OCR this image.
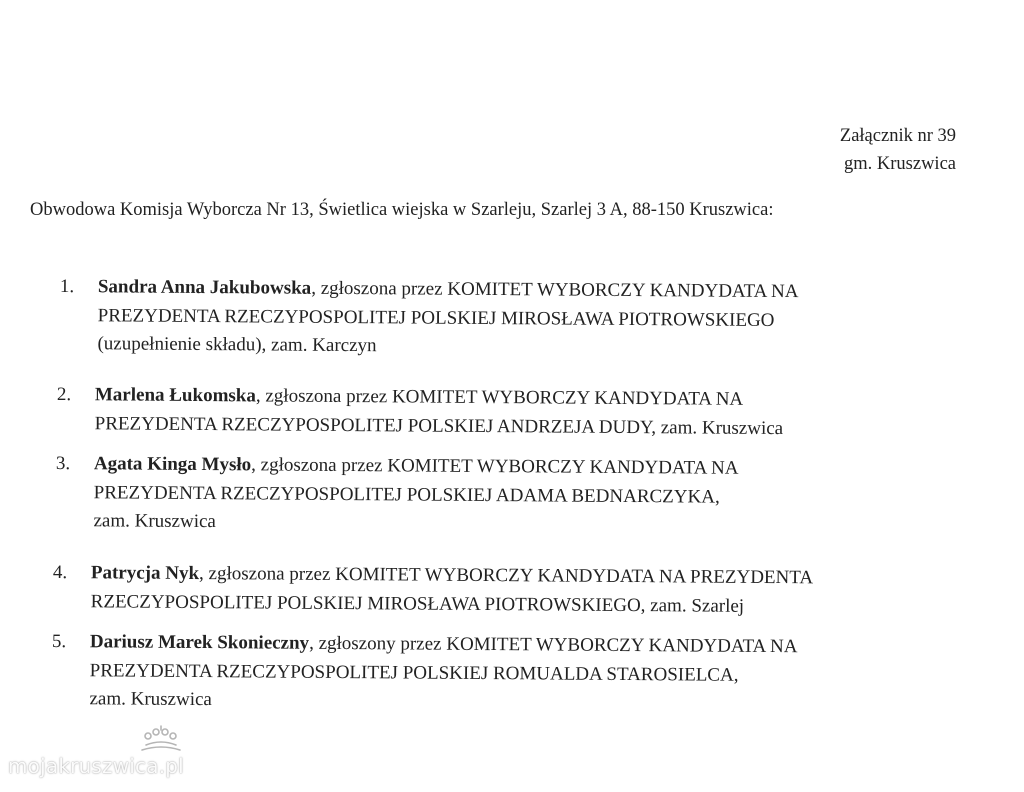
Załącznik nr 39
gm. Kruszwica
Obwodowa Komisja Wyborcza Nr 13, Świetlica wiejska w Szarleju, Szarlej 3 A, 88-150 Kruszwica:
1.	Sandra Anna Jakubowska, zgłoszona przez KOMITET WYBORCZY KANDYDATA NA
PREZYDENTA RZECZYPOSPOLITEJ POLSKIEJ MIROSŁAWA PIOTROWSKIEGO
(uzupełnienie składu), zam. Karczyn
2.	Marlena Łukomska, zgłoszona przez KOMITET WYBORCZY KANDYDATA NA
PREZYDENTA RZECZYPOSPOLITEJ POLSKIEJ ANDRZEJA DUDY, zam. Kruszwica
3.	Agata Kinga Mysło, zgłoszona przez KOMITET WYBORCZY KANDYDATA NA
PREZYDENTA RZECZYPOSPOLITEJ POLSKIEJ ADAMA BEDNARCZYKA,
zam. Kruszwica
4.	Patrycja Nyk, zgłoszona przez KOMITET WYBORCZY KANDYDATA NA PREZYDENTA
RZECZYPOSPOLITEJ POLSKIEJ MIROSŁAWA PIOTROWSKIEGO, zam. Szarlej
5.	Dariusz Marek Skonieczny, zgłoszony przez KOMITET WYBORCZY KANDYDATA NA
PREZYDENTA RZECZYPOSPOLITEJ POLSKIEJ ROMUALDA STAROSIELCA,
zam. Kruszwica
mojakruszwica.pl
